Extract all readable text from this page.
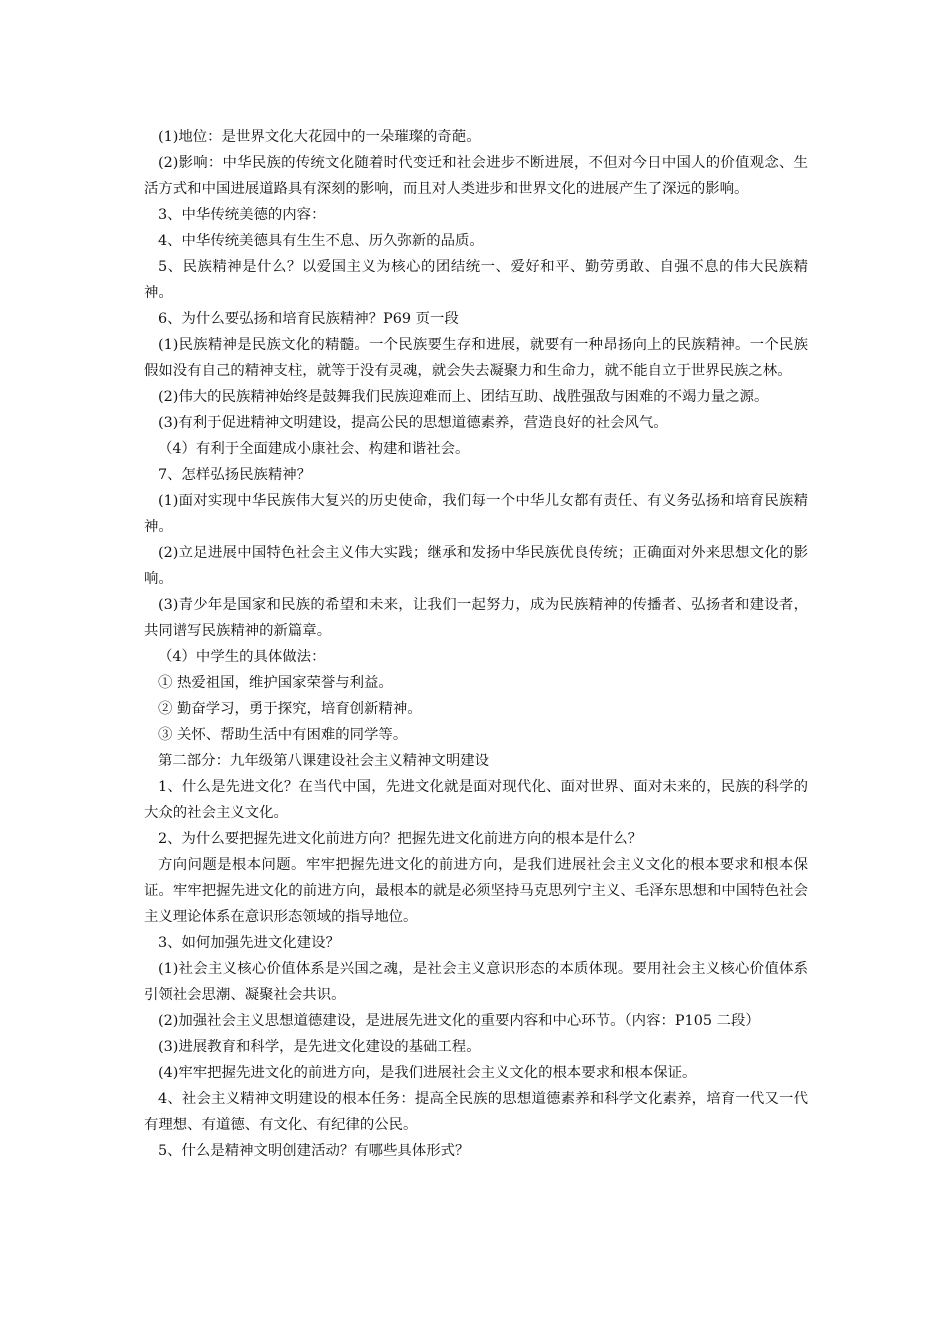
(1)地位：是世界文化大花园中的一朵璀璨的奇葩。

(2)影响：中华民族的传统文化随着时代变迁和社会进步不断进展，不但对今日中国人的价值观念、生活方式和中国进展道路具有深刻的影响，而且对人类进步和世界文化的进展产生了深远的影响。

3、中华传统美德的内容：

4、中华传统美德具有生生不息、历久弥新的品质。

5、民族精神是什么？以爱国主义为核心的团结统一、爱好和平、勤劳勇敢、自强不息的伟大民族精神。

6、为什么要弘扬和培育民族精神？P69 页一段

(1)民族精神是民族文化的精髓。一个民族要生存和进展，就要有一种昂扬向上的民族精神。一个民族假如没有自己的精神支柱，就等于没有灵魂，就会失去凝聚力和生命力，就不能自立于世界民族之林。

(2)伟大的民族精神始终是鼓舞我们民族迎难而上、团结互助、战胜强敌与困难的不竭力量之源。

(3)有利于促进精神文明建设，提高公民的思想道德素养，营造良好的社会风气。

（4）有利于全面建成小康社会、构建和谐社会。

7、怎样弘扬民族精神？

(1)面对实现中华民族伟大复兴的历史使命，我们每一个中华儿女都有责任、有义务弘扬和培育民族精神。

(2)立足进展中国特色社会主义伟大实践；继承和发扬中华民族优良传统；正确面对外来思想文化的影响。

(3)青少年是国家和民族的希望和未来，让我们一起努力，成为民族精神的传播者、弘扬者和建设者，共同谱写民族精神的新篇章。

（4）中学生的具体做法：

① 热爱祖国，维护国家荣誉与利益。

② 勤奋学习，勇于探究，培育创新精神。

③ 关怀、帮助生活中有困难的同学等。

第二部分：九年级第八课建设社会主义精神文明建设

1、什么是先进文化？在当代中国，先进文化就是面对现代化、面对世界、面对未来的，民族的科学的大众的社会主义文化。

2、为什么要把握先进文化前进方向？把握先进文化前进方向的根本是什么？

方向问题是根本问题。牢牢把握先进文化的前进方向，是我们进展社会主义文化的根本要求和根本保证。牢牢把握先进文化的前进方向，最根本的就是必须坚持马克思列宁主义、毛泽东思想和中国特色社会主义理论体系在意识形态领域的指导地位。

3、如何加强先进文化建设？

(1)社会主义核心价值体系是兴国之魂，是社会主义意识形态的本质体现。要用社会主义核心价值体系引领社会思潮、凝聚社会共识。

(2)加强社会主义思想道德建设，是进展先进文化的重要内容和中心环节。（内容：P105 二段）

(3)进展教育和科学，是先进文化建设的基础工程。

(4)牢牢把握先进文化的前进方向，是我们进展社会主义文化的根本要求和根本保证。

4、社会主义精神文明建设的根本任务：提高全民族的思想道德素养和科学文化素养，培育一代又一代有理想、有道德、有文化、有纪律的公民。

5、什么是精神文明创建活动？有哪些具体形式？
